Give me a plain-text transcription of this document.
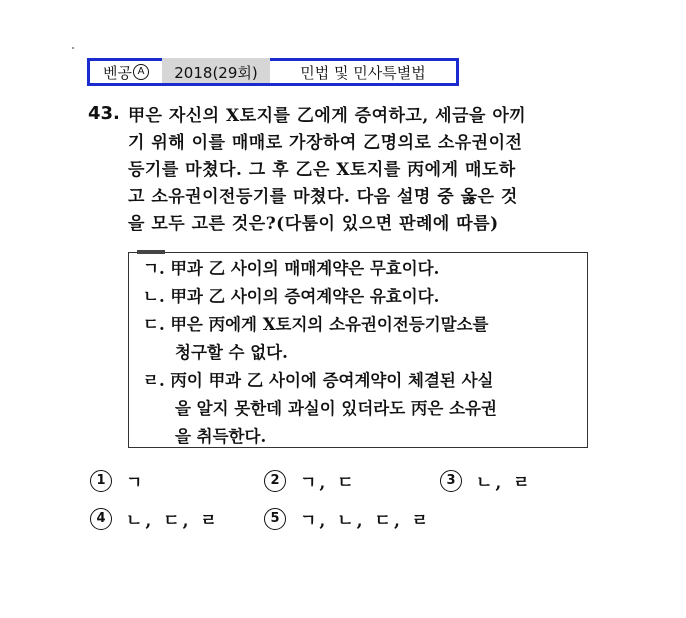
벤공 A	2018(29회)	민법 및 민사특별법
43. 甲은 자신의 X토지를 乙에게 증여하고, 세금을 아끼
기 위해 이를 매매로 가장하여 乙명의로 소유권이전
등기를 마쳤다. 그 후 乙은 X토지를 丙에게 매도하
고 소유권이전등기를 마쳤다. 다음 설명 중 옳은 것
을 모두 고른 것은?(다툼이 있으면 판례에 따름)
ㄱ. 甲과 乙 사이의 매매계약은 무효이다.
ㄴ. 甲과 乙 사이의 증여계약은 유효이다.
ㄷ. 甲은 丙에게 X토지의 소유권이전등기말소를
청구할 수 없다.
ㄹ. 丙이 甲과 乙 사이에 증여계약이 체결된 사실
을 알지 못한데 과실이 있더라도 丙은 소유권
을 취득한다.
1 ㄱ	2 ㄱ, ㄷ	3 ㄴ, ㄹ
4 ㄴ, ㄷ, ㄹ	5 ㄱ, ㄴ, ㄷ, ㄹ
